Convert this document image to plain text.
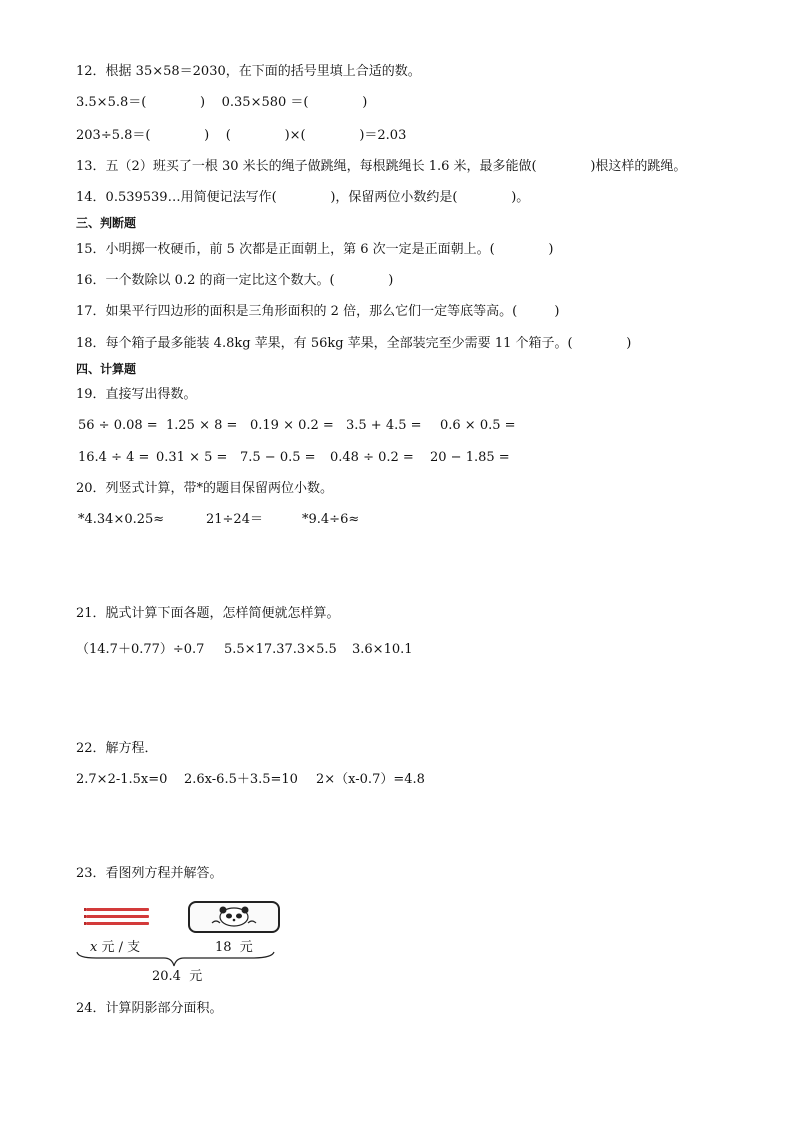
12．根据 35×58＝2030，在下面的括号里填上合适的数。
3.5×5.8＝(             )    0.35×580 ＝(             )
203÷5.8＝(             )    (             )×(             )＝2.03
13．五（2）班买了一根 30 米长的绳子做跳绳，每根跳绳长 1.6 米，最多能做(             )根这样的跳绳。
14．0.539539…用简便记法写作(             )，保留两位小数约是(             )。
三、判断题
15．小明掷一枚硬币，前 5 次都是正面朝上，第 6 次一定是正面朝上。(             )
16．一个数除以 0.2 的商一定比这个数大。(             )
17．如果平行四边形的面积是三角形面积的 2 倍，那么它们一定等底等高。(         )
18．每个箱子最多能装 4.8kg 苹果，有 56kg 苹果，全部装完至少需要 11 个箱子。(             )
四、计算题
19．直接写出得数。
56 ÷ 0.08 = 1.25 × 8 = 0.19 × 0.2 = 3.5 + 4.5 = 0.6 × 0.5 =
16.4 ÷ 4 = 0.31 × 5 = 7.5 − 0.5 = 0.48 ÷ 0.2 = 20 − 1.85 =
20．列竖式计算，带*的题目保留两位小数。
*4.34×0.25≈	21÷24＝	*9.4÷6≈
21．脱式计算下面各题，怎样简便就怎样算。
（14.7＋0.77）÷0.7 5.5×17.37.3×5.5 3.6×10.1
22．解方程．
2.7×2-1.5x=0 2.6x-6.5＋3.5=10 2×（x-0.7）=4.8
23．看图列方程并解答。
x 元 / 支	18  元
20.4  元
24．计算阴影部分面积。
